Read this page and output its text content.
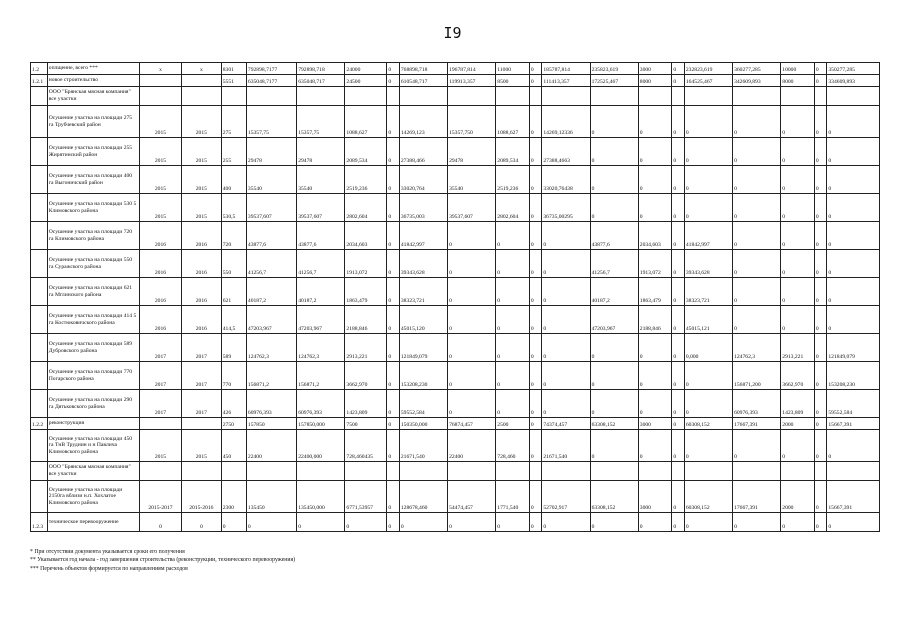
I9
1.2	оплщенне, всего ***	х	х	8301	792898,7177	792898,718	24000	0	768898,718	196787,814	11000	0	185787,814	235823,619	3000	0	232823,619	360277,285	10000	0	350277,285
1.2.1	новое строительство			5551	635048,7177	635048,717	24500	0	610548,717	119913,357	8500	0	111413,357	172525,467	8000	0	164525,467	342609,893	8000	0	334609,893
	ООО "Брянская мясная компания" все участки																				
	Осушение участка на площади 275 га Трубчевский район	2015	2015	275	15357,75	15357,75	1088,627	0	14269,123	15357,750	1088,627	0	14269,12336	0	0	0	0	0	0	0	0
	Осушение участка на площади 255 Жирятинский район	2015	2015	255	29478	29478	2089,534	0	27388,466	29478	2089,534	0	27388,4663	0	0	0	0	0	0	0	0
	Осушение участка на площади 400 га Выгоничский район	2015	2015	400	35540	35540	2519,236	0	33020,764	35540	2519,236	0	33020,76438	0	0	0	0	0	0	0	0
	Осушение участка на площади 530 5 Климовского района	2015	2015	530,5	39537,607	39537,607	2802,604	0	36735,003	39537,607	2802,604	0	36735,00295	0	0	0	0	0	0	0	0
	Осушение участка на площади 720 га Климовского района	2016	2016	720	43877,6	43877,6	2034,603	0	41842,997	0	0	0	0	43877,6	2034,603	0	41842,997	0	0	0	0
	Осушение участка на площади 550 га Суражского района	2016	2016	550	41256,7	41256,7	1913,072	0	39343,628	0	0	0	0	41256,7	1913,072	0	39343,628	0	0	0	0
	Осушение участка на площади 621 га Мглинского района	2016	2016	621	40187,2	40187,2	1863,479	0	38323,721	0	0	0	0	40187,2	1863,479	0	38323,721	0	0	0	0
	Осушение участка на площади 414 5 га Костюковичского района	2016	2016	414,5	47203,967	47203,967	2188,846	0	45015,120	0	0	0	0	47203,967	2188,846	0	45015,121	0	0	0	0
	Осушение участка на площади 589 Дубровского района	2017	2017	589	124762,3	124762,3	2913,221	0	121849,079	0	0	0	0	0	0	0	0,000	124762,3	2913,221	0	121849,079
	Осушение участка на площади 770 Погарского района	2017	2017	770	156871,2	156871,2	3662,970	0	153208,230	0	0	0	0	0	0	0	0	156871,200	3662,970	0	153208,230
	Осушение участка на площади 290 га Дятьковского района	2017	2017	426	60976,393	60976,393	1423,809	0	59552,584	0	0	0	0	0	0	0	0	60976,393	1423,809	0	59552,584
1.2.2	реконструкция			2750	157850	157850,000	7500	0	150350,000	76874,457	2500	0	74374,457	63308,152	3000	0	60308,152	17667,391	2000	0	15667,391
	Осушение участка на площади 450 га ТнВ Труднин и н Павлича Климовского района	2015	2015	450	22400	22400,000	728,460435	0	21671,540	22400	728,460	0	21671,540	0	0	0	0	0	0	0	0
	ООО "Брянская мясная компания" все участки																				
	Осушение участка на площади 2150га вблизи н.п. Хохлатое Климовского района	2015-2017	2015-2016	2300	135450	135450,000	6771,53957	0	128678,460	54474,457	1771,540	0	52702,917	63308,152	3000	0	60308,152	17667,391	2000	0	15667,391
1.2.3	техническое перевооружение	0	0	0	0	0	0	0	0	0	0	0	0	0	0	0	0	0	0	0	0
* При отсутствии документа указывается сроки его получения
** Указывается год начала - год завершения строительства (реконструкции, технического перевооружения)
*** Перечень объектов формируется по направлениям расходов
